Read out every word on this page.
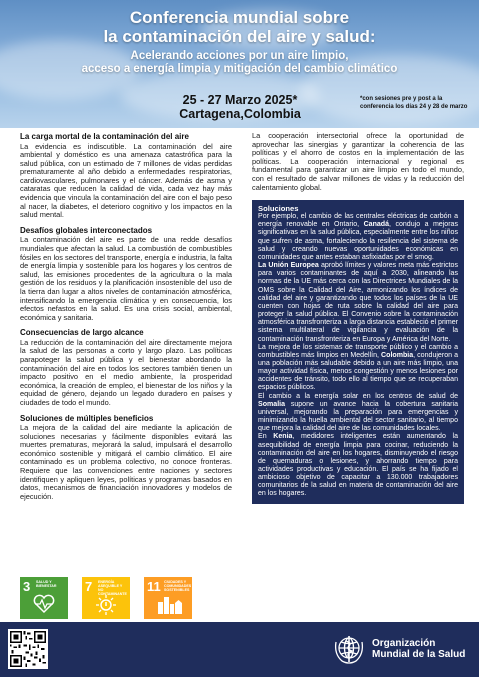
Conferencia mundial sobre
la contaminación del aire y salud:
Acelerando acciones por un aire limpio,
acceso a energía limpia y mitigación del cambio climático
25 - 27 Marzo 2025*
Cartagena,Colombia
*con sesiones pre y post a la conferencia los días 24 y 28 de marzo
La carga mortal de la contaminación del aire
La evidencia es indiscutible. La contaminación del aire ambiental y doméstico es una amenaza catastrófica para la salud pública, con un estimado de 7 millones de vidas perdidas prematuramente al año debido a enfermedades respiratorias, cardiovasculares, pulmonares y el cáncer. Además de asma y cataratas que reducen la calidad de vida, cada vez hay más evidencia que vincula la contaminación del aire con el bajo peso al nacer, la diabetes, el deterioro cognitivo y los impactos en la salud mental.
Desafíos globales interconectados
La contaminación del aire es parte de una redde desafíos mundiales que afectan la salud. La combustión de combustibles fósiles en los sectores del transporte, energía e industria, la falta de energía limpia y sostenible para los hogares y los centros de salud, las emisiones procedentes de la agricultura o la mala gestión de los residuos y la planificación insostenible del uso de la tierra dan lugar a altos niveles de contaminación atmosférica, intensificando la emergencia climática y en consecuencia, los efectos nefastos en la salud. Es una crisis social, ambiental, económica y sanitaria.
Consecuencias de largo alcance
La reducción de la contaminación del aire directamente mejora la salud de las personas a corto y largo plazo. Las políticas parapoteger la salud pública y el bienestar abordando la contaminación del aire en todos los sectores también tienen un impacto positivo en el medio ambiente, la prosperidad económica, la creación de empleo, el bienestar de los niños y la equidad de género, dejando un legado duradero en países y ciudades de todo el mundo.
Soluciones de múltiples beneficios
La mejora de la calidad del aire mediante la aplicación de soluciones necesarias y fácilmente disponibles evitará las muertes prematuras, mejorará la salud, impulsará el desarrollo económico sostenible y mitigará el cambio climático. El aire contaminado es un problema colectivo, no conoce fronteras. Requiere que las convenciones entre naciones y sectores identifiquen y apliquen leyes, políticas y programas basados en datos, mecanismos de financiación innovadores y modelos de ejecución.
La cooperación intersectorial ofrece la oportunidad de aprovechar las sinergias y garantizar la coherencia de las políticas y el ahorro de costos en la implementación de las políticas. La cooperación internacional y regional es fundamental para garantizar un aire limpio en todo el mundo, con el resultado de salvar millones de vidas y la reducción del calentamiento global.
Soluciones

Por ejemplo, el cambio de las centrales eléctricas de carbón a energía renovable en Ontario, Canadá, condujo a mejoras significativas en la salud pública, especialmente entre los niños que sufren de asma, fortaleciendo la resiliencia del sistema de salud y creando nuevas oportunidades económicas en comunidades que antes estaban asfixiadas por el smog.

La Unión Europea aprobó límites y valores meta más estrictos para varios contaminantes de aquí a 2030, alineando las normas de la UE más cerca con las Directrices Mundiales de la OMS sobre la Calidad del Aire, armonizando los índices de calidad del aire y garantizando que todos los países de la UE cuenten con hojas de ruta sobre la calidad del aire para proteger la salud pública. El Convenio sobre la contaminación atmosférica transfronteriza a larga distancia estableció el primer sistema multilateral de vigilancia y evaluación de la contaminación transfronteriza en Europa y América del Norte.

La mejora de los sistemas de transporte público y el cambio a combustibles más limpios en Medellín, Colombia, condujeron a una población más saludable debido a un aire más limpio, una mayor actividad física, menos congestión y menos lesiones por accidentes de tránsito, todo ello al tiempo que se recuperaban espacios públicos.

El cambio a la energía solar en los centros de salud de Somalia supone un avance hacia la cobertura sanitaria universal, mejorando la preparación para emergencias y minimizando la huella ambiental del sector sanitario, al tiempo que mejora la calidad del aire de las comunidades locales.

En Kenia, medidores inteligentes están aumentando la asequibilidad de energía limpia para cocinar, reduciendo la contaminación del aire en los hogares, disminuyendo el riesgo de quemaduras o lesiones, y ahorrando tiempo para actividades productivas y educación. El país se ha fijado el ambicioso objetivo de capacitar a 130.000 trabajadores comunitarios de la salud en materia de contaminación del aire en los hogares.

3 SALUD Y BIENESTAR	7 ENERGÍA ASEQUIBLE Y NO CONTAMINANTE 11 CIUDADES Y COMUNIDADES SOSTENIBLES
Organización
Mundial de la Salud
